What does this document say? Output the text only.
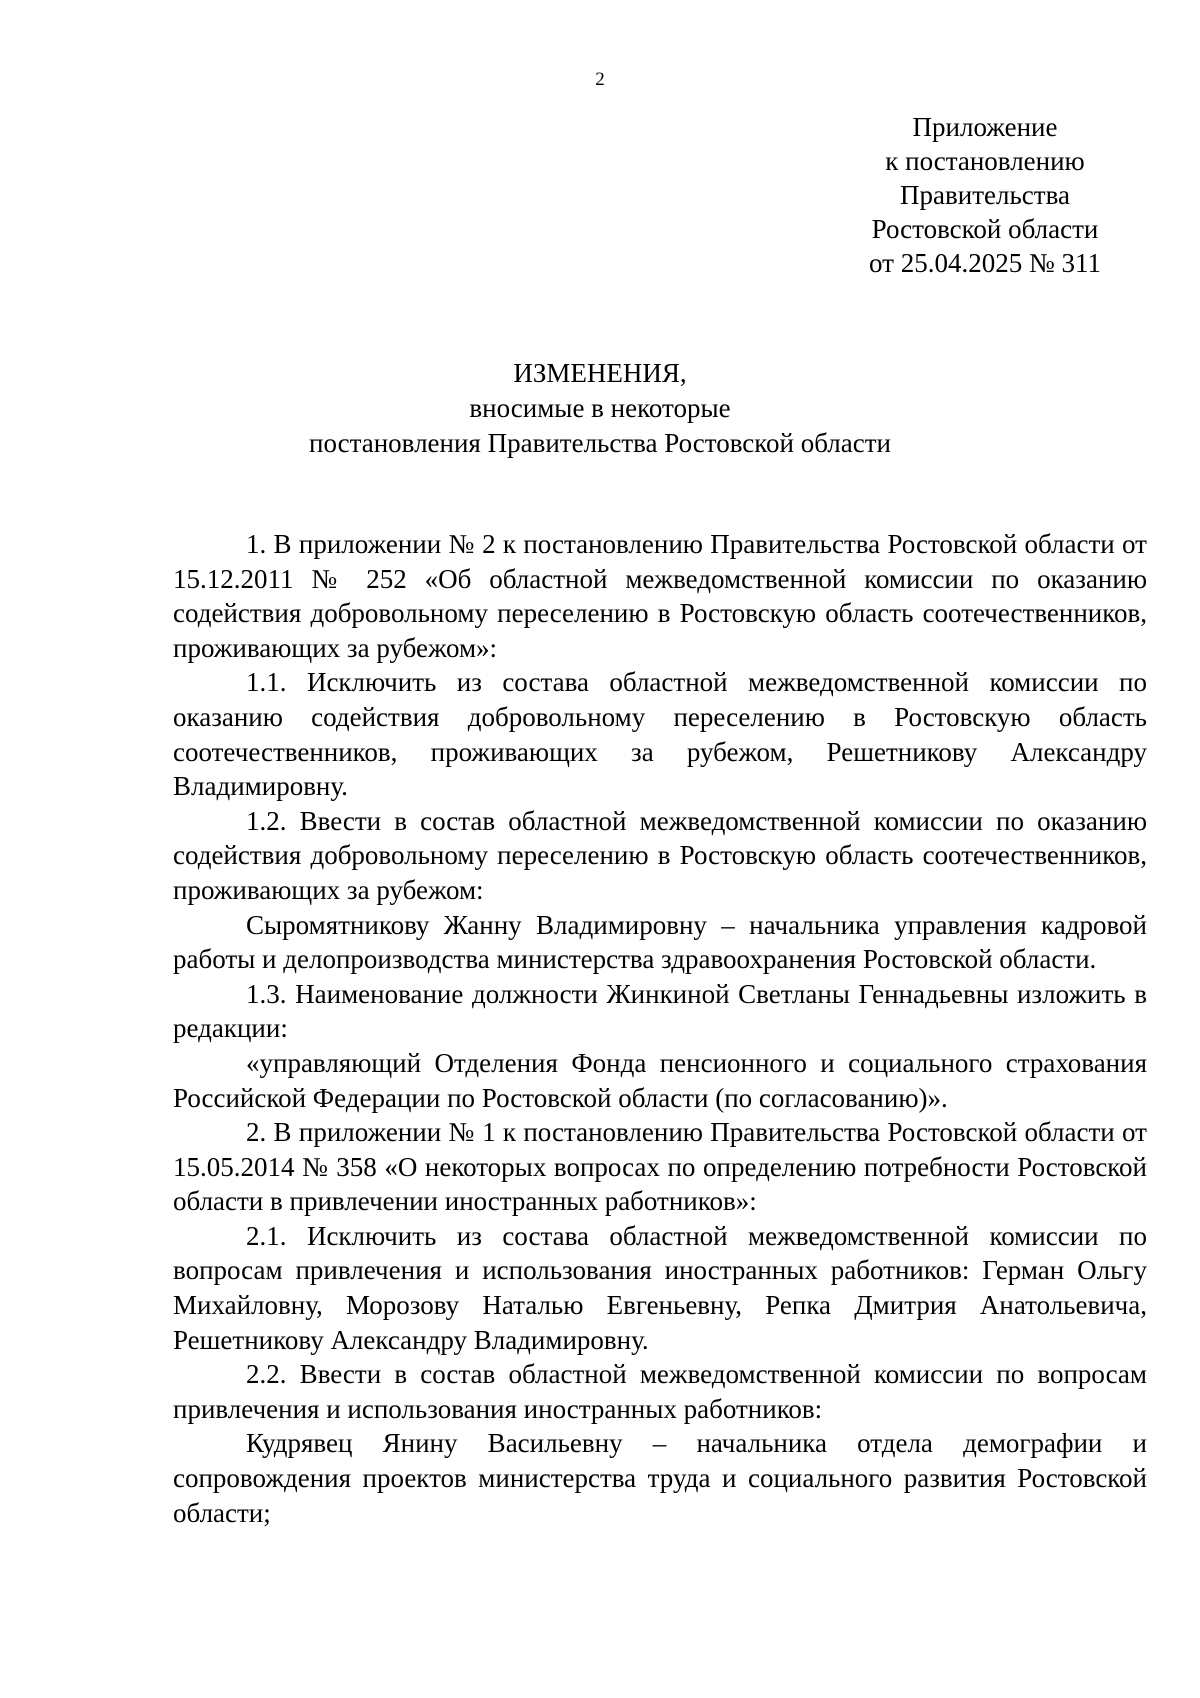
2
Приложение
к постановлению
Правительства
Ростовской области
от 25.04.2025 № 311
ИЗМЕНЕНИЯ,
вносимые в некоторые
постановления Правительства Ростовской области

1. В приложении № 2 к постановлению Правительства Ростовской области от 15.12.2011 № 252 «Об областной межведомственной комиссии по оказанию содействия добровольному переселению в Ростовскую область соотечественников, проживающих за рубежом»:

1.1. Исключить из состава областной межведомственной комиссии по оказанию содействия добровольному переселению в Ростовскую область соотечественников, проживающих за рубежом, Решетникову Александру Владимировну.

1.2. Ввести в состав областной межведомственной комиссии по оказанию содействия добровольному переселению в Ростовскую область соотечественников, проживающих за рубежом:

Сыромятникову Жанну Владимировну – начальника управления кадровой работы и делопроизводства министерства здравоохранения Ростовской области.

1.3. Наименование должности Жинкиной Светланы Геннадьевны изложить в редакции:

«управляющий Отделения Фонда пенсионного и социального страхования Российской Федерации по Ростовской области (по согласованию)».

2. В приложении № 1 к постановлению Правительства Ростовской области от 15.05.2014 № 358 «О некоторых вопросах по определению потребности Ростовской области в привлечении иностранных работников»:

2.1. Исключить из состава областной межведомственной комиссии по вопросам привлечения и использования иностранных работников: Герман Ольгу Михайловну, Морозову Наталью Евгеньевну, Репка Дмитрия Анатольевича, Решетникову Александру Владимировну.

2.2. Ввести в состав областной межведомственной комиссии по вопросам привлечения и использования иностранных работников:

Кудрявец Янину Васильевну – начальника отдела демографии и сопровождения проектов министерства труда и социального развития Ростовской области;
